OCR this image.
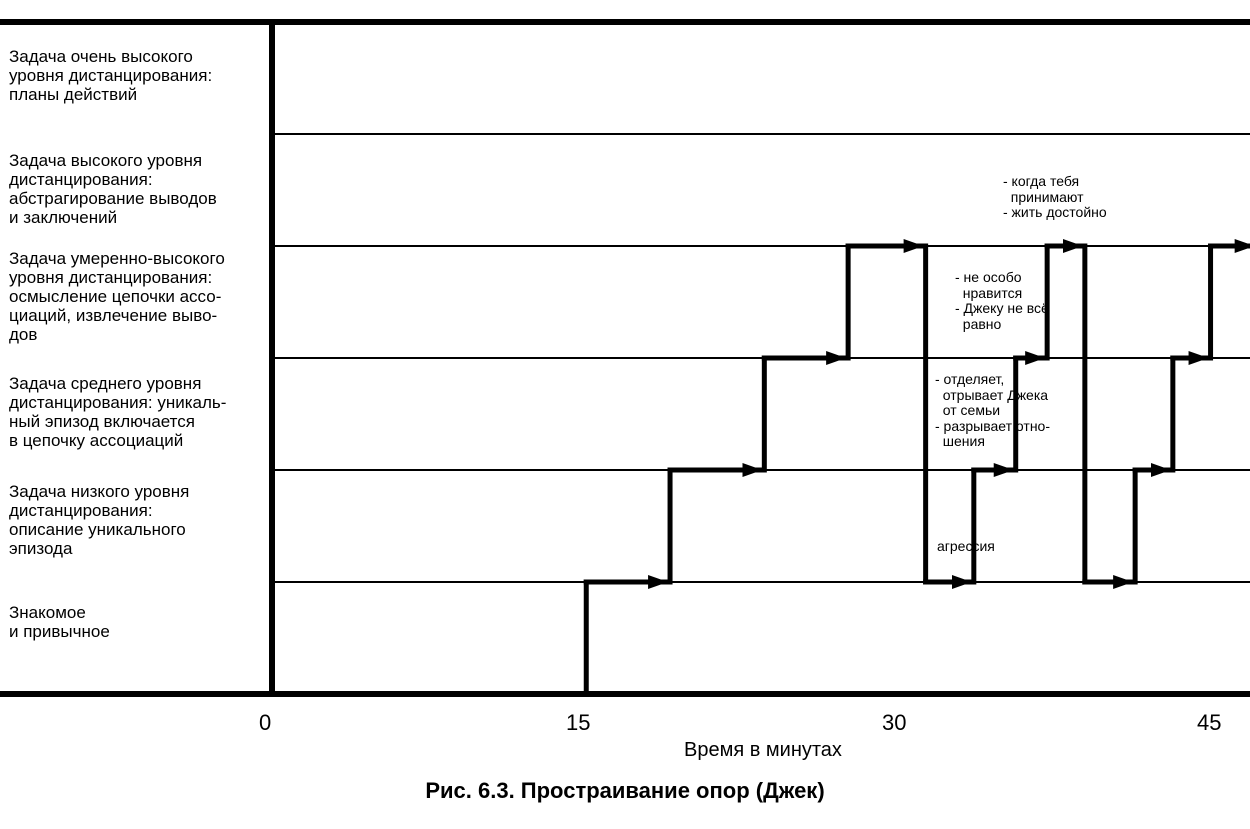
Задача очень высокого
уровня дистанцирования:
планы действий
Задача высокого уровня
дистанцирования:
абстрагирование выводов
и заключений
Задача умеренно-высокого
уровня дистанцирования:
осмысление цепочки ассо-
циаций, извлечение выво-
дов
Задача среднего уровня
дистанцирования: уникаль-
ный эпизод включается
в цепочку ассоциаций
Задача низкого уровня
дистанцирования:
описание уникального
эпизода
Знакомое
и привычное
0	15	30	45
Время в минутах
- когда тебя
принимают
- жить достойно
- не особо
нравится
- Джеку не всё
равно
- отделяет,
отрывает Джека
от семьи
- разрывает отно-
шения
агрессия
Рис. 6.3. Простраивание опор (Джек)
